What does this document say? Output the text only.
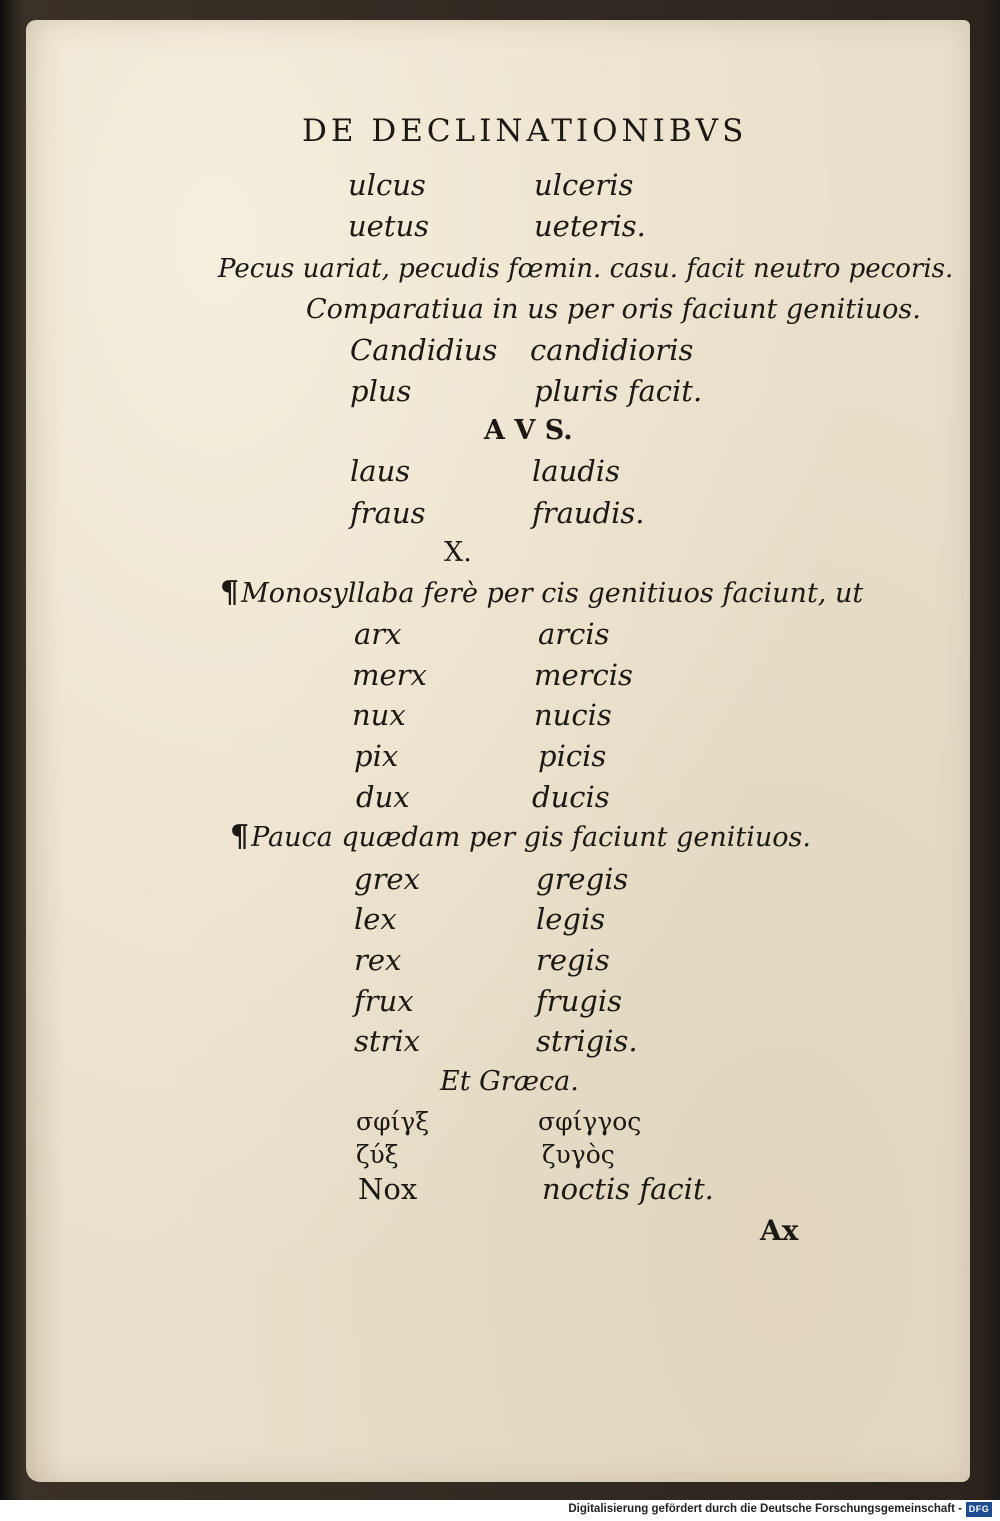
DE DECLINATIONIBVS
ulcus	ulceris
uetus	ueteris.
Pecus uariat, pecudis fœmin. casu. facit neutro pecoris.
Comparatiua in us per oris faciunt genitiuos.
Candidius candidioris
plus	pluris facit.
A V S.
laus	laudis
fraus	fraudis.
X.
¶Monosyllaba ferè per cis genitiuos faciunt, ut
arx	arcis
merx	mercis
nux	nucis
pix	picis
dux	ducis
¶Pauca quædam per gis faciunt genitiuos.
grex	gregis
lex	legis
rex	regis
frux	frugis
strix	strigis.
Et Græca.
σφίγξ	σφίγγος
ζύξ	ζυγὸς
Nox	noctis facit.
Ax
Digitalisierung gefördert durch die Deutsche Forschungsgemeinschaft - DFG
